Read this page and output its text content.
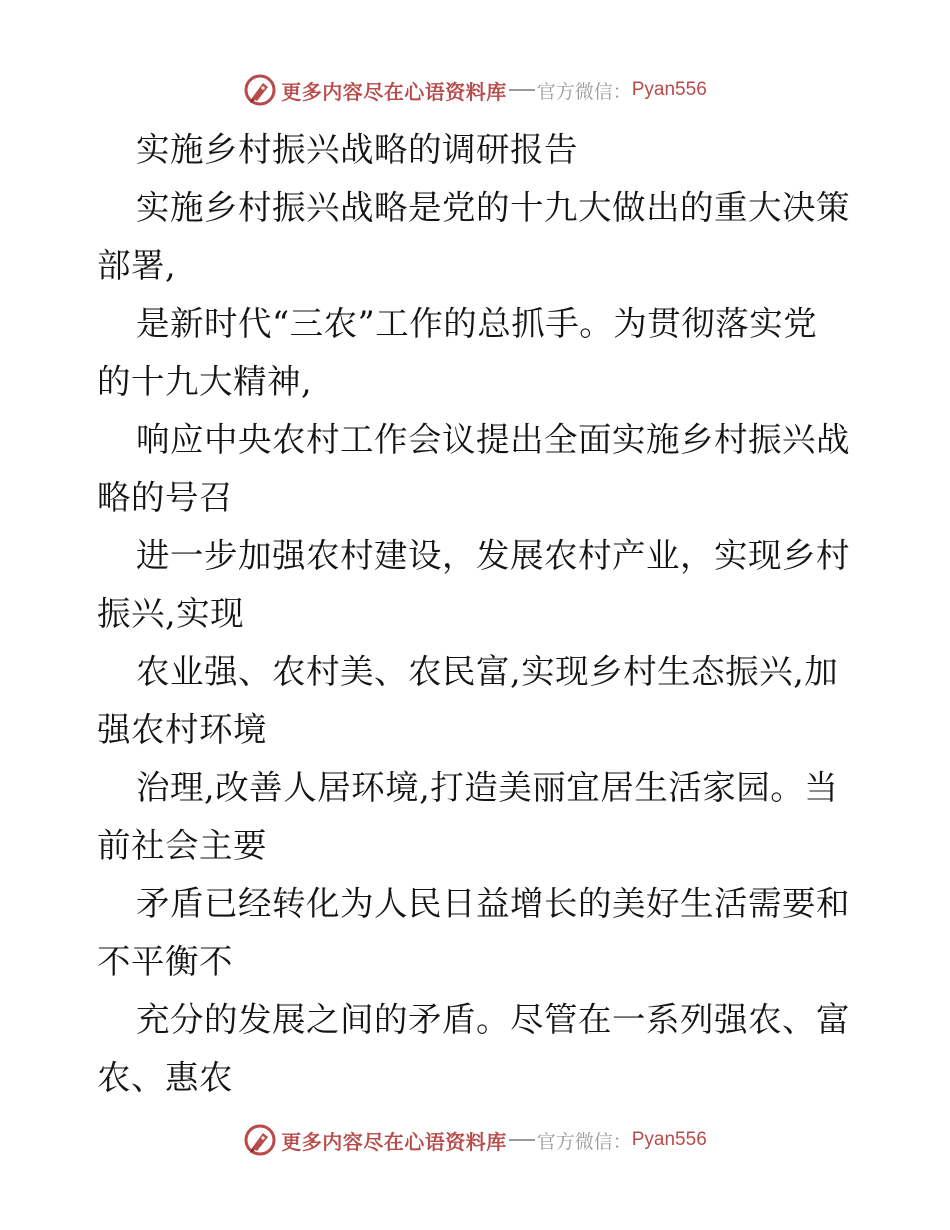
更多内容尽在心语资料库 官方微信： Pyan556
实施乡村振兴战略的调研报告
实施乡村振兴战略是党的十九大做出的重大决策
部署,
是新时代“三农”工作的总抓手。为贯彻落实党
的十九大精神,
响应中央农村工作会议提出全面实施乡村振兴战
略的号召
进一步加强农村建设，发展农村产业，实现乡村
振兴,实现
农业强、农村美、农民富,实现乡村生态振兴,加
强农村环境
治理,改善人居环境,打造美丽宜居生活家园。当
前社会主要
矛盾已经转化为人民日益增长的美好生活需要和
不平衡不
充分的发展之间的矛盾。尽管在一系列强农、富
农、惠农
更多内容尽在心语资料库 官方微信： Pyan556
